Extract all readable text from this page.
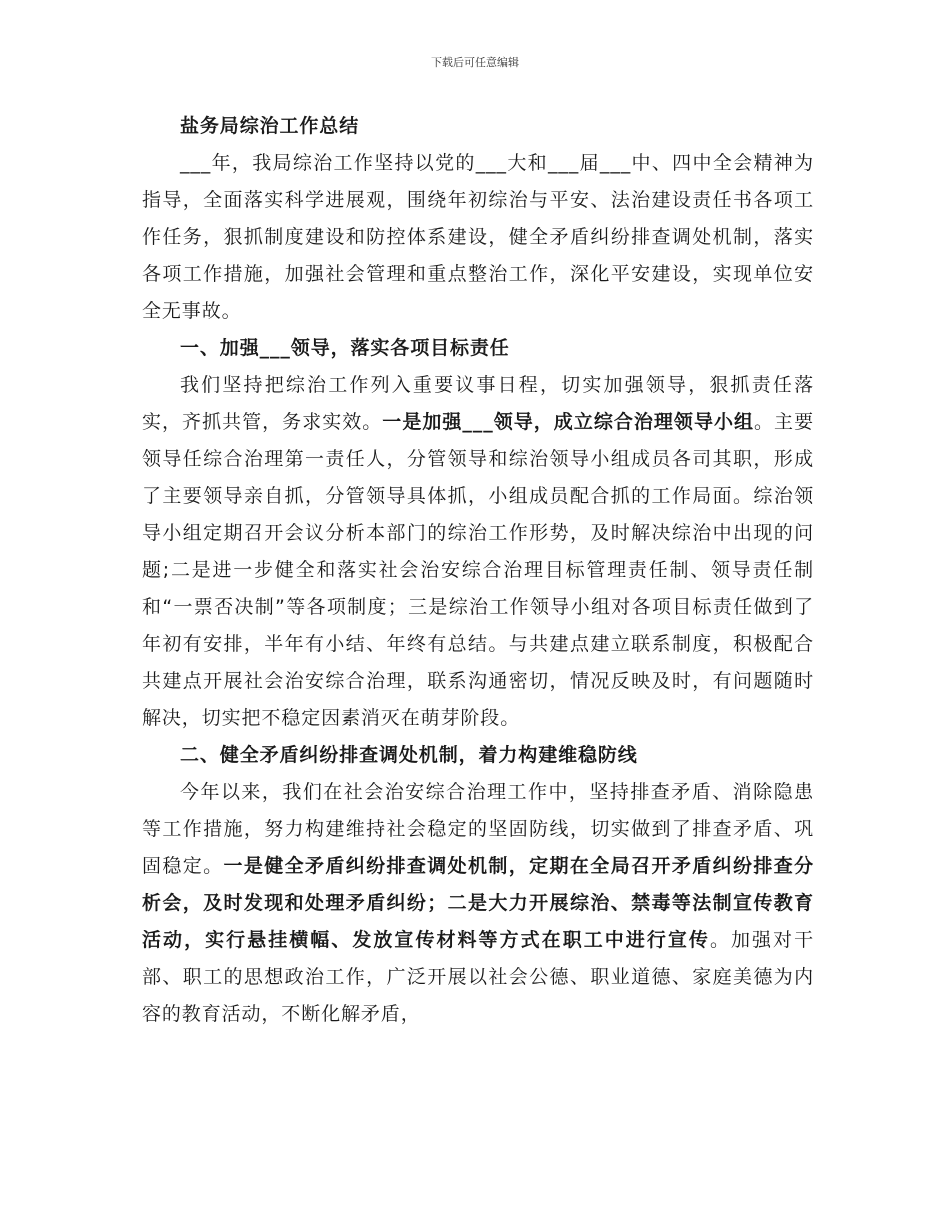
下载后可任意编辑

盐务局综治工作总结

___年，我局综治工作坚持以党的___大和___届___中、四中全会精神为指导，全面落实科学进展观，围绕年初综治与平安、法治建设责任书各项工作任务，狠抓制度建设和防控体系建设，健全矛盾纠纷排查调处机制，落实各项工作措施，加强社会管理和重点整治工作，深化平安建设，实现单位安全无事故。

一、加强___领导，落实各项目标责任

我们坚持把综治工作列入重要议事日程，切实加强领导，狠抓责任落实，齐抓共管，务求实效。一是加强___领导，成立综合治理领导小组。主要领导任综合治理第一责任人，分管领导和综治领导小组成员各司其职，形成了主要领导亲自抓，分管领导具体抓，小组成员配合抓的工作局面。综治领导小组定期召开会议分析本部门的综治工作形势，及时解决综治中出现的问题;二是进一步健全和落实社会治安综合治理目标管理责任制、领导责任制和“一票否决制”等各项制度；三是综治工作领导小组对各项目标责任做到了年初有安排，半年有小结、年终有总结。与共建点建立联系制度，积极配合共建点开展社会治安综合治理，联系沟通密切，情况反映及时，有问题随时解决，切实把不稳定因素消灭在萌芽阶段。

二、健全矛盾纠纷排查调处机制，着力构建维稳防线

今年以来，我们在社会治安综合治理工作中，坚持排查矛盾、消除隐患等工作措施，努力构建维持社会稳定的坚固防线，切实做到了排查矛盾、巩固稳定。一是健全矛盾纠纷排查调处机制，定期在全局召开矛盾纠纷排查分析会，及时发现和处理矛盾纠纷；二是大力开展综治、禁毒等法制宣传教育活动，实行悬挂横幅、发放宣传材料等方式在职工中进行宣传。加强对干部、职工的思想政治工作，广泛开展以社会公德、职业道德、家庭美德为内容的教育活动，不断化解矛盾，
